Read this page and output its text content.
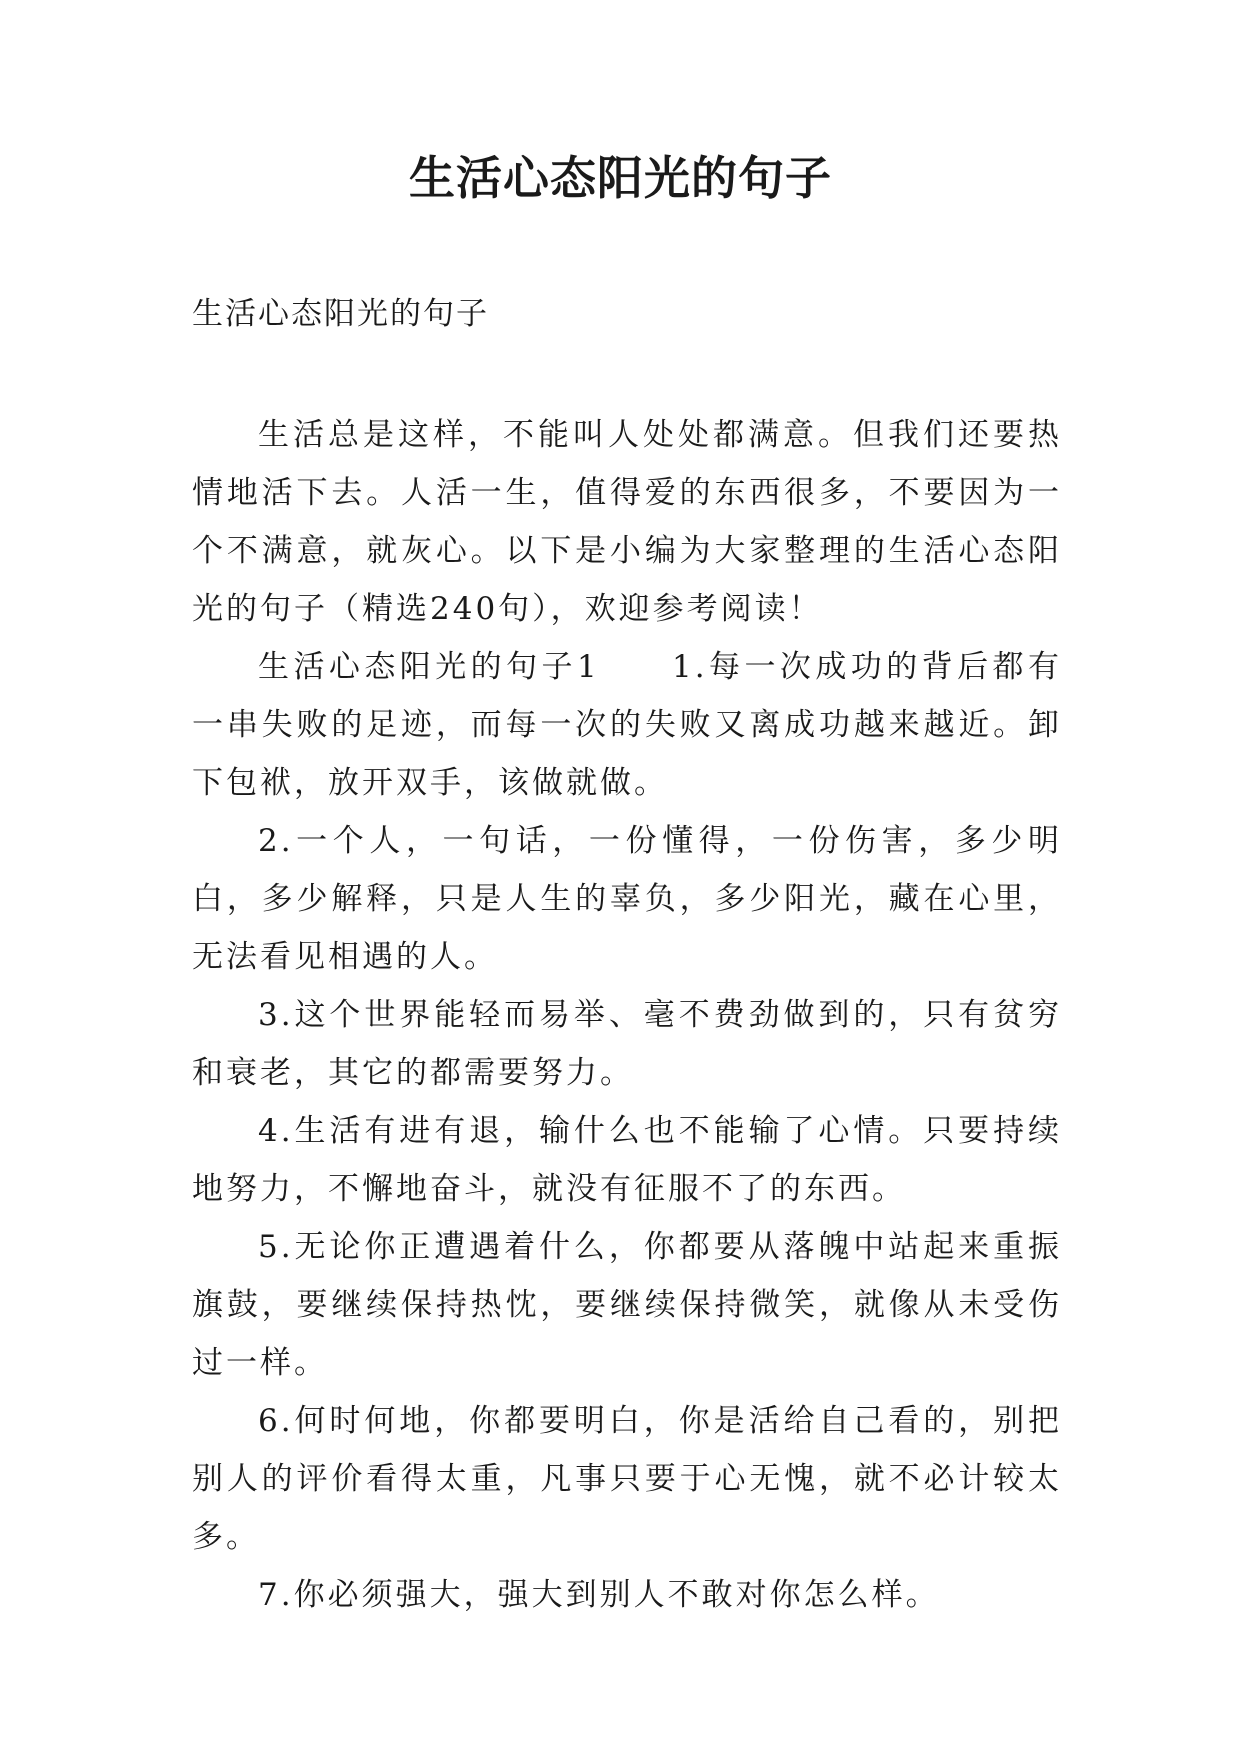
生活心态阳光的句子

生活心态阳光的句子

生活总是这样，不能叫人处处都满意。但我们还要热情地活下去。人活一生，值得爱的东西很多，不要因为一个不满意，就灰心。以下是小编为大家整理的生活心态阳光的句子（精选240句），欢迎参考阅读！

生活心态阳光的句子1　　1.每一次成功的背后都有一串失败的足迹，而每一次的失败又离成功越来越近。卸下包袱，放开双手，该做就做。

2.一个人，一句话，一份懂得，一份伤害，多少明白，多少解释，只是人生的辜负，多少阳光，藏在心里，无法看见相遇的人。

3.这个世界能轻而易举、毫不费劲做到的，只有贫穷和衰老，其它的都需要努力。

4.生活有进有退，输什么也不能输了心情。只要持续地努力，不懈地奋斗，就没有征服不了的东西。

5.无论你正遭遇着什么，你都要从落魄中站起来重振旗鼓，要继续保持热忱，要继续保持微笑，就像从未受伤过一样。

6.何时何地，你都要明白，你是活给自己看的，别把别人的评价看得太重，凡事只要于心无愧，就不必计较太多。

7.你必须强大，强大到别人不敢对你怎么样。
